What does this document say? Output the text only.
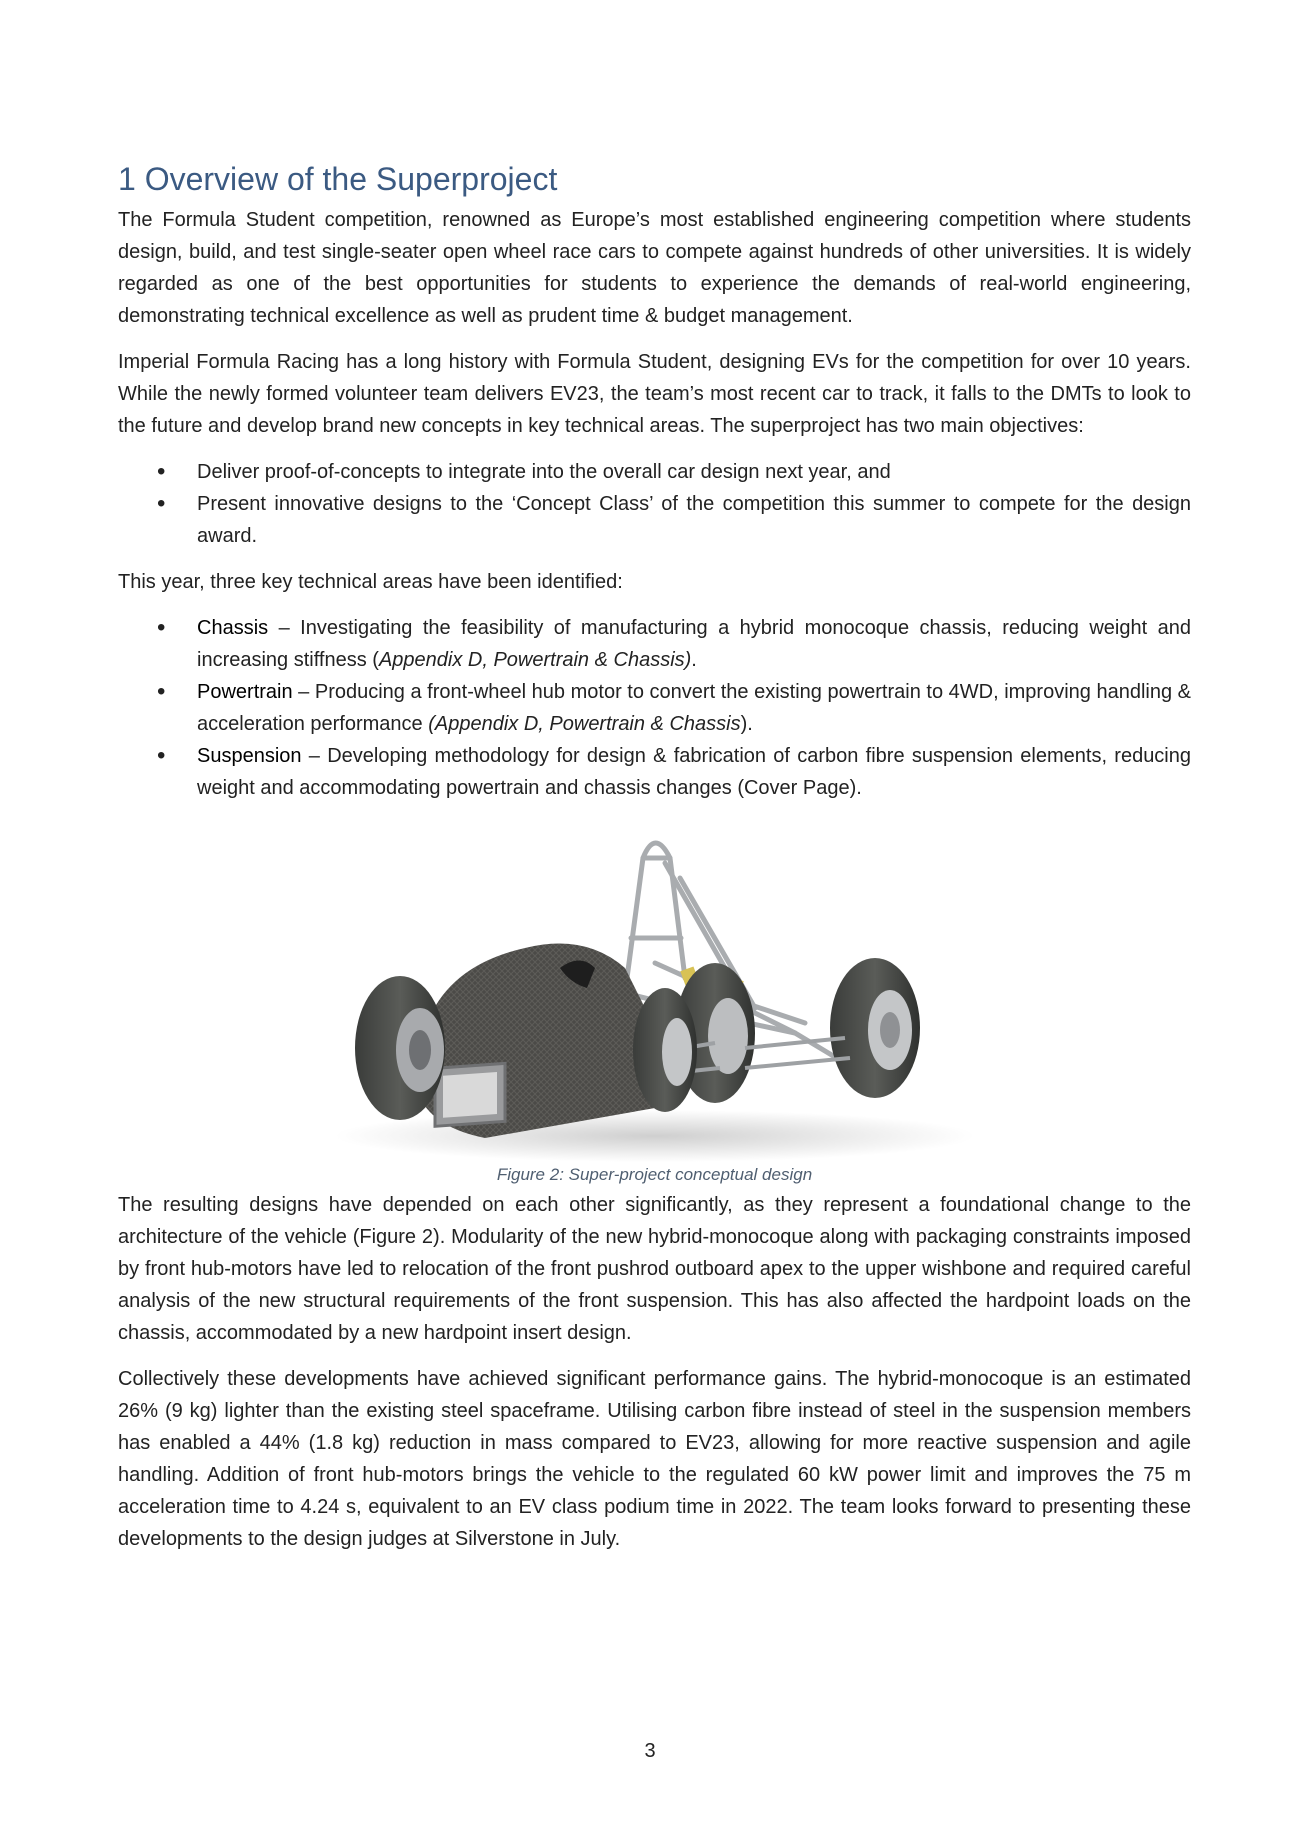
1 Overview of the Superproject

The Formula Student competition, renowned as Europe’s most established engineering competition where students design, build, and test single-seater open wheel race cars to compete against hundreds of other universities. It is widely regarded as one of the best opportunities for students to experience the demands of real-world engineering, demonstrating technical excellence as well as prudent time & budget management.

Imperial Formula Racing has a long history with Formula Student, designing EVs for the competition for over 10 years. While the newly formed volunteer team delivers EV23, the team’s most recent car to track, it falls to the DMTs to look to the future and develop brand new concepts in key technical areas. The superproject has two main objectives:

• Deliver proof-of-concepts to integrate into the overall car design next year, and
• Present innovative designs to the ‘Concept Class’ of the competition this summer to compete for the design award.

This year, three key technical areas have been identified:

• Chassis – Investigating the feasibility of manufacturing a hybrid monocoque chassis, reducing weight and increasing stiffness (Appendix D, Powertrain & Chassis).
• Powertrain – Producing a front-wheel hub motor to convert the existing powertrain to 4WD, improving handling & acceleration performance (Appendix D, Powertrain & Chassis).
• Suspension – Developing methodology for design & fabrication of carbon fibre suspension elements, reducing weight and accommodating powertrain and chassis changes (Cover Page).
Figure 2: Super-project conceptual design

The resulting designs have depended on each other significantly, as they represent a foundational change to the architecture of the vehicle (Figure 2). Modularity of the new hybrid-monocoque along with packaging constraints imposed by front hub-motors have led to relocation of the front pushrod outboard apex to the upper wishbone and required careful analysis of the new structural requirements of the front suspension. This has also affected the hardpoint loads on the chassis, accommodated by a new hardpoint insert design.

Collectively these developments have achieved significant performance gains. The hybrid-monocoque is an estimated 26% (9 kg) lighter than the existing steel spaceframe. Utilising carbon fibre instead of steel in the suspension members has enabled a 44% (1.8 kg) reduction in mass compared to EV23, allowing for more reactive suspension and agile handling. Addition of front hub-motors brings the vehicle to the regulated 60 kW power limit and improves the 75 m acceleration time to 4.24 s, equivalent to an EV class podium time in 2022. The team looks forward to presenting these developments to the design judges at Silverstone in July.

3
